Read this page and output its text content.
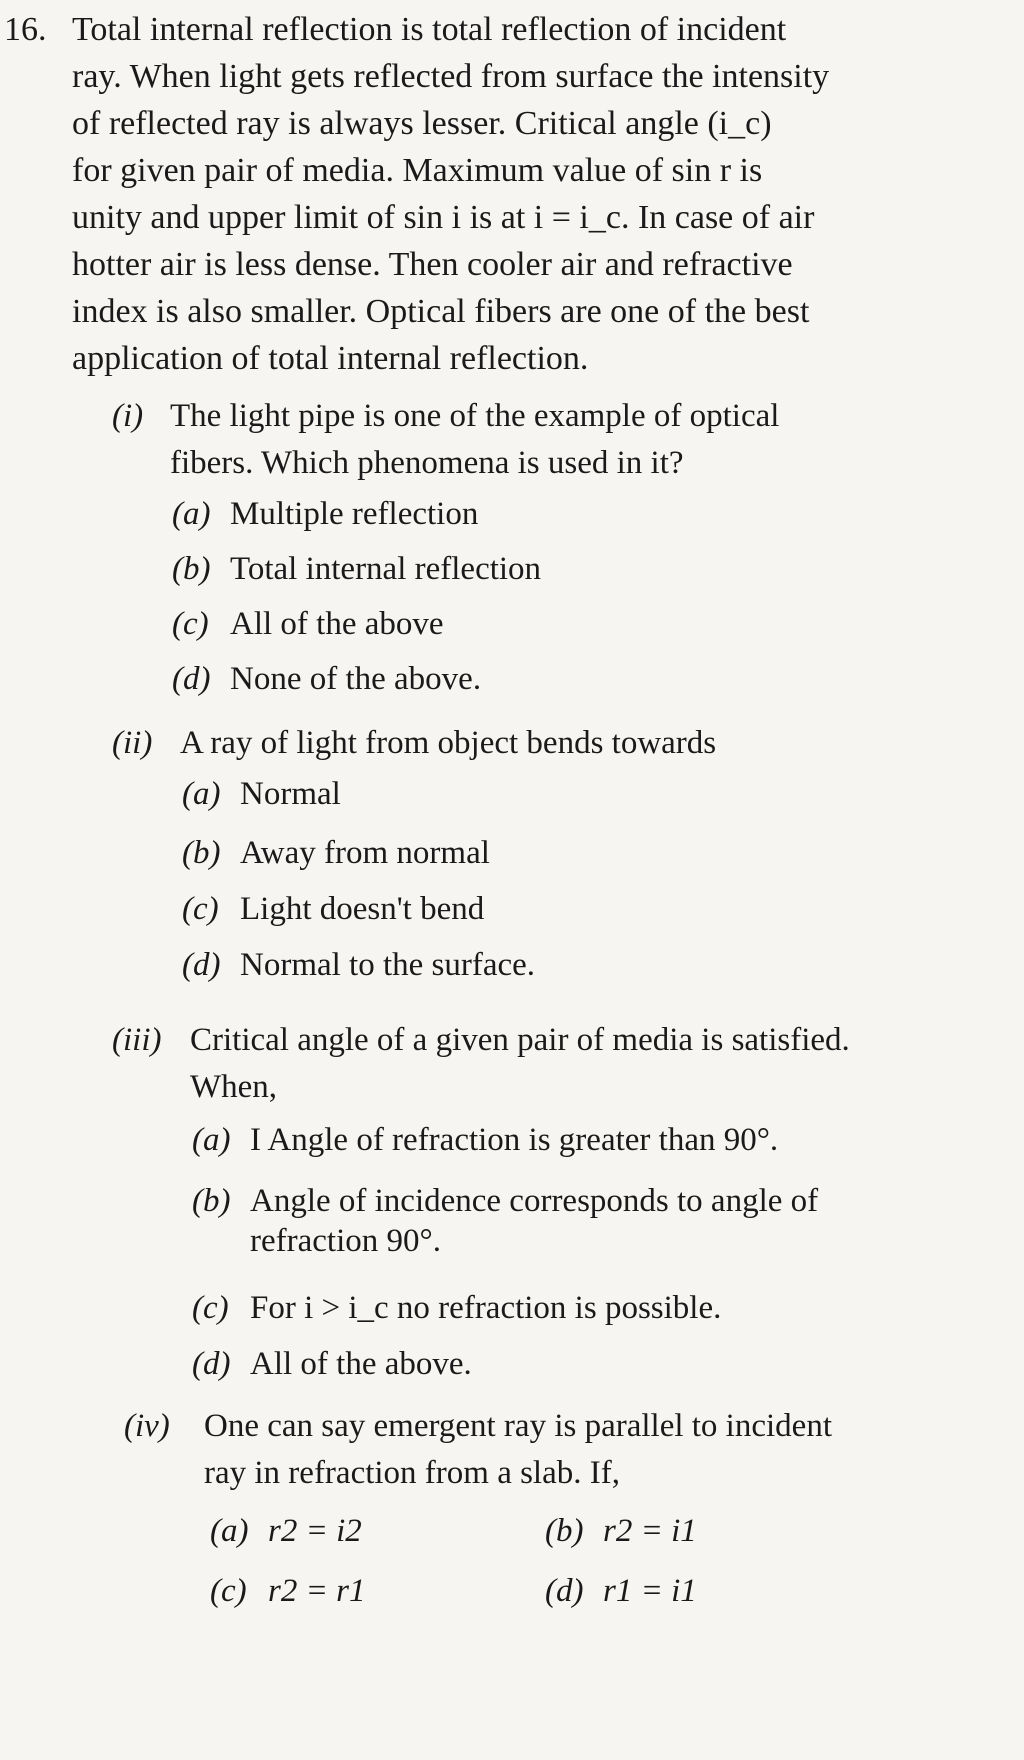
16. Total internal reflection is total reflection of incident
ray. When light gets reflected from surface the intensity
of reflected ray is always lesser. Critical angle (i_c)
for given pair of media. Maximum value of sin r is
unity and upper limit of sin i is at i = i_c. In case of air
hotter air is less dense. Then cooler air and refractive
index is also smaller. Optical fibers are one of the best
application of total internal reflection.
(i) The light pipe is one of the example of optical
fibers. Which phenomena is used in it?
(a) Multiple reflection
(b) Total internal reflection
(c) All of the above
(d) None of the above.
(ii) A ray of light from object bends towards
(a) Normal
(b) Away from normal
(c) Light doesn't bend
(d) Normal to the surface.
(iii) Critical angle of a given pair of media is satisfied.
When,
(a) I Angle of refraction is greater than 90°.
(b) Angle of incidence corresponds to angle of
refraction 90°.
(c) For i > i_c no refraction is possible.
(d) All of the above.
(iv) One can say emergent ray is parallel to incident
ray in refraction from a slab. If,
(a) r2 = i2	(b) r2 = i1
(c) r2 = r1	(d) r1 = i1
